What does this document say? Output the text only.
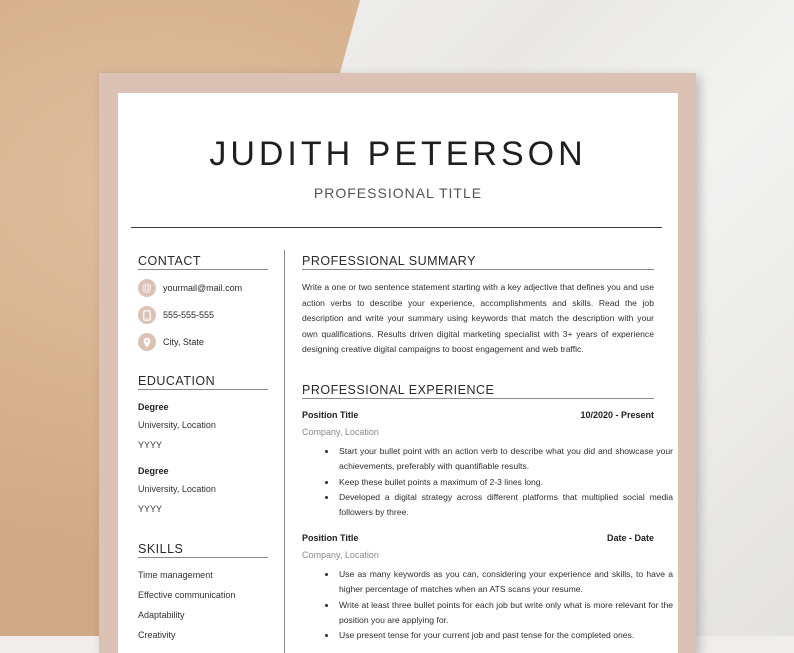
JUDITH PETERSON
PROFESSIONAL TITLE
CONTACT
@	yourmail@mail.com
555-555-555
City, State
EDUCATION
Degree
University, Location
YYYY
Degree
University, Location
YYYY
SKILLS
Time management
Effective communication
Adaptability
Creativity
PROFESSIONAL SUMMARY
Write a one or two sentence statement starting with a key adjective that defines you and use action verbs to describe your experience, accomplishments and skills. Read the job description and write your summary using keywords that match the description with your own qualifications. Results driven digital marketing specialist with 3+ years of experience designing creative digital campaigns to boost engagement and web traffic.
PROFESSIONAL EXPERIENCE
Position Title	10/2020 - Present
Company, Location
• Start your bullet point with an action verb to describe what you did and showcase your achievements, preferably with quantifiable results.
• Keep these bullet points a maximum of 2-3 lines long.
• Developed a digital strategy across different platforms that multiplied social media followers by three.
Position Title	Date - Date
Company, Location
• Use as many keywords as you can, considering your experience and skills, to have a higher percentage of matches when an ATS scans your resume.
• Write at least three bullet points for each job but write only what is more relevant for the position you are applying for.
• Use present tense for your current job and past tense for the completed ones.
